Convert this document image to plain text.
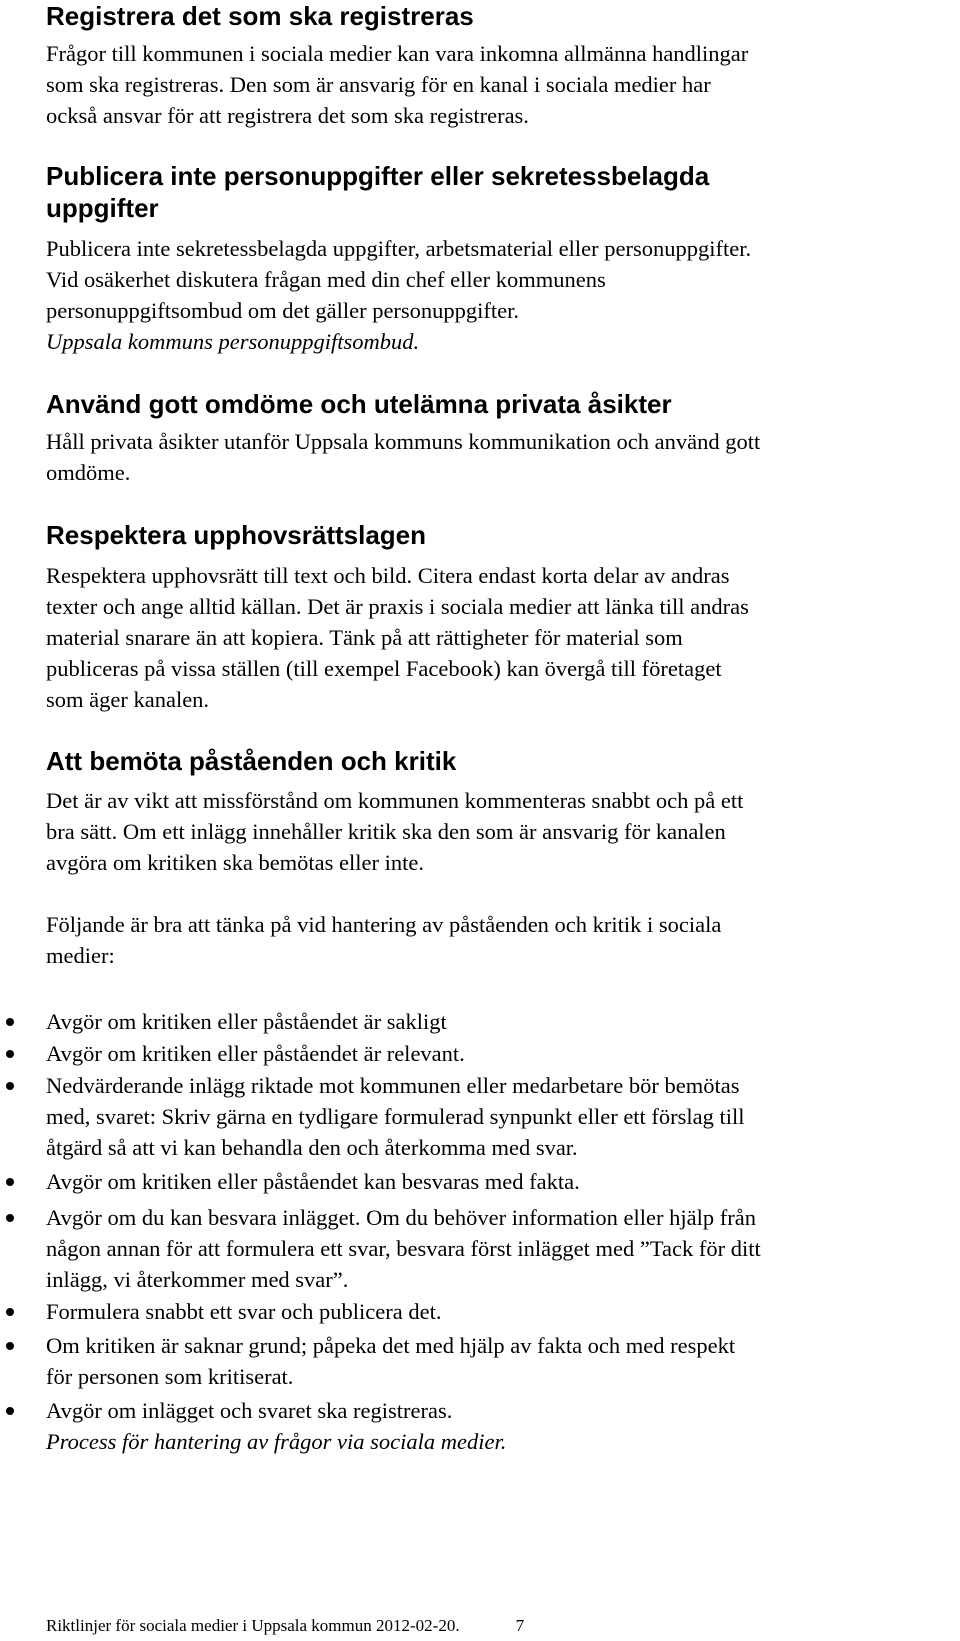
Registrera det som ska registreras
Frågor till kommunen i sociala medier kan vara inkomna allmänna handlingar
som ska registreras. Den som är ansvarig för en kanal i sociala medier har
också ansvar för att registrera det som ska registreras.
Publicera inte personuppgifter eller sekretessbelagda
uppgifter
Publicera inte sekretessbelagda uppgifter, arbetsmaterial eller personuppgifter.
Vid osäkerhet diskutera frågan med din chef eller kommunens
personuppgiftsombud om det gäller personuppgifter.
Uppsala kommuns personuppgiftsombud.
Använd gott omdöme och utelämna privata åsikter
Håll privata åsikter utanför Uppsala kommuns kommunikation och använd gott
omdöme.
Respektera upphovsrättslagen
Respektera upphovsrätt till text och bild. Citera endast korta delar av andras
texter och ange alltid källan. Det är praxis i sociala medier att länka till andras
material snarare än att kopiera. Tänk på att rättigheter för material som
publiceras på vissa ställen (till exempel Facebook) kan övergå till företaget
som äger kanalen.
Att bemöta påståenden och kritik
Det är av vikt att missförstånd om kommunen kommenteras snabbt och på ett
bra sätt. Om ett inlägg innehåller kritik ska den som är ansvarig för kanalen
avgöra om kritiken ska bemötas eller inte.
Följande är bra att tänka på vid hantering av påståenden och kritik i sociala
medier:
Avgör om kritiken eller påståendet är sakligt
Avgör om kritiken eller påståendet är relevant.
Nedvärderande inlägg riktade mot kommunen eller medarbetare bör bemötas
med, svaret: Skriv gärna en tydligare formulerad synpunkt eller ett förslag till
åtgärd så att vi kan behandla den och återkomma med svar.
Avgör om kritiken eller påståendet kan besvaras med fakta.
Avgör om du kan besvara inlägget. Om du behöver information eller hjälp från
någon annan för att formulera ett svar, besvara först inlägget med ”Tack för ditt
inlägg, vi återkommer med svar”.
Formulera snabbt ett svar och publicera det.
Om kritiken är saknar grund; påpeka det med hjälp av fakta och med respekt
för personen som kritiserat.
Avgör om inlägget och svaret ska registreras.
Process för hantering av frågor via sociala medier.
Riktlinjer för sociala medier i Uppsala kommun 2012-02-20.	7
